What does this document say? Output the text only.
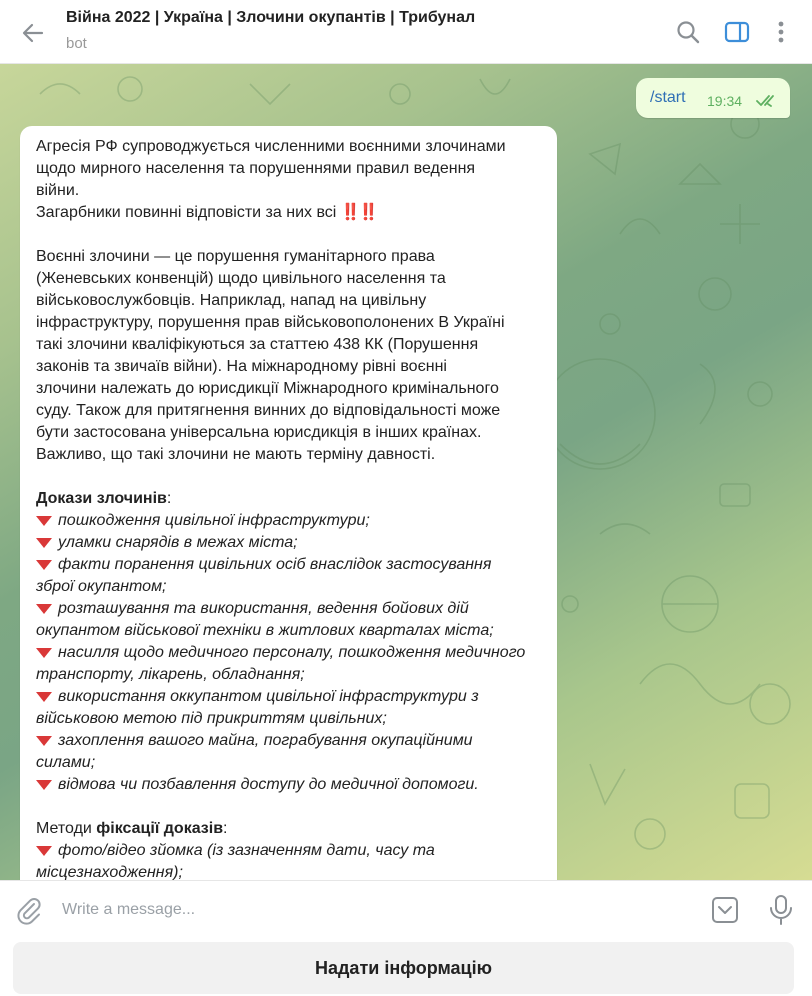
Війна 2022 | Україна | Злочини окупантів | Трибунал
bot
/start 19:34

Агресія РФ супроводжується численними воєнними злочинами

щодо мирного населення та порушеннями правил ведення

війни.

Загарбники повинні відповісти за них всі ‼️‼️

Воєнні злочини — це порушення гуманітарного права

(Женевських конвенцій) щодо цивільного населення та

військовослужбовців. Наприклад, напад на цивільну

інфраструктуру, порушення прав військовополонених В Україні

такі злочини кваліфікуються за статтею 438 КК (Порушення

законів та звичаїв війни). На міжнародному рівні воєнні

злочини належать до юрисдикції Міжнародного кримінального

суду. Також для притягнення винних до відповідальності може

бути застосована універсальна юрисдикція в інших країнах.

Важливо, що такі злочини не мають терміну давності.

Докази злочинів:

пошкодження цивільної інфраструктури;

уламки снарядів в межах міста;

факти поранення цивільних осіб внаслідок застосування

зброї окупантом;

розташування та використання, ведення бойових дій

окупантом військової техніки в житлових кварталах міста;

насилля щодо медичного персоналу, пошкодження медичного

транспорту, лікарень, обладнання;

використання оккупантом цивільної інфраструктури з

військовою метою під прикриттям цивільних;

захоплення вашого майна, пограбування окупаційними

силами;

відмова чи позбавлення доступу до медичної допомоги.

Методи фіксації доказів:

фото/відео зйомка (із зазначенням дати, часу та

місцезнаходження);

Write a message...
Надати інформацію
